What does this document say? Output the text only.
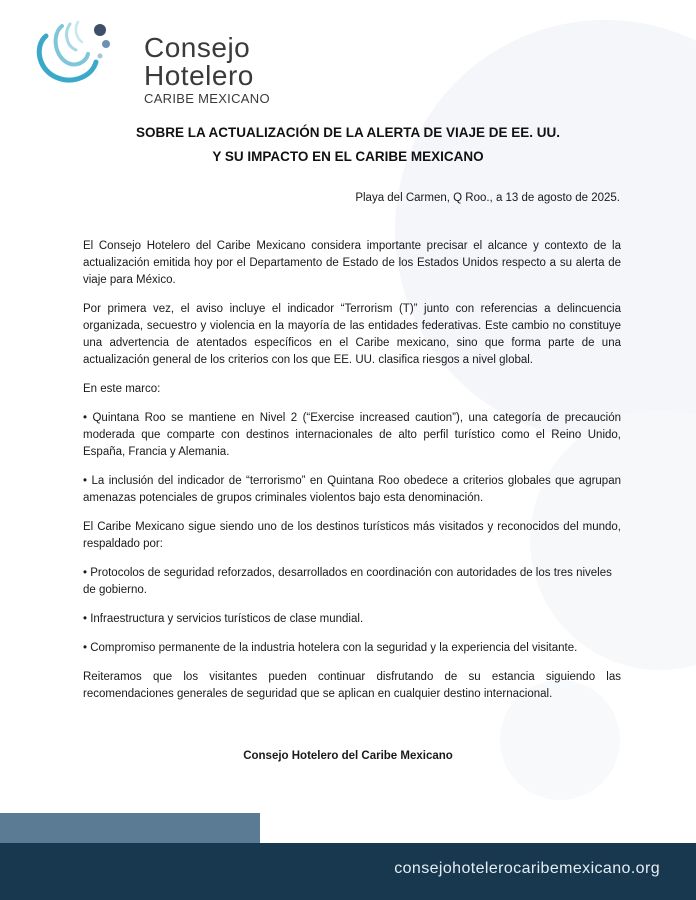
Consejo
Hotelero
CARIBE MEXICANO
SOBRE LA ACTUALIZACIÓN DE LA ALERTA DE VIAJE DE EE. UU.
Y SU IMPACTO EN EL CARIBE MEXICANO
Playa del Carmen, Q Roo., a 13 de agosto de 2025.

El Consejo Hotelero del Caribe Mexicano considera importante precisar el alcance y contexto de la actualización emitida hoy por el Departamento de Estado de los Estados Unidos respecto a su alerta de viaje para México.

Por primera vez, el aviso incluye el indicador “Terrorism (T)” junto con referencias a delincuencia organizada, secuestro y violencia en la mayoría de las entidades federativas. Este cambio no constituye una advertencia de atentados específicos en el Caribe mexicano, sino que forma parte de una actualización general de los criterios con los que EE. UU. clasifica riesgos a nivel global.

En este marco:

• Quintana Roo se mantiene en Nivel 2 (“Exercise increased caution”), una categoría de precaución moderada que comparte con destinos internacionales de alto perfil turístico como el Reino Unido, España, Francia y Alemania.

• La inclusión del indicador de “terrorismo” en Quintana Roo obedece a criterios globales que agrupan amenazas potenciales de grupos criminales violentos bajo esta denominación.

El Caribe Mexicano sigue siendo uno de los destinos turísticos más visitados y reconocidos del mundo, respaldado por:

• Protocolos de seguridad reforzados, desarrollados en coordinación con autoridades de los tres niveles de gobierno.

• Infraestructura y servicios turísticos de clase mundial.

• Compromiso permanente de la industria hotelera con la seguridad y la experiencia del visitante.

Reiteramos que los visitantes pueden continuar disfrutando de su estancia siguiendo las recomendaciones generales de seguridad que se aplican en cualquier destino internacional.

Consejo Hotelero del Caribe Mexicano
consejohotelerocaribemexicano.org
